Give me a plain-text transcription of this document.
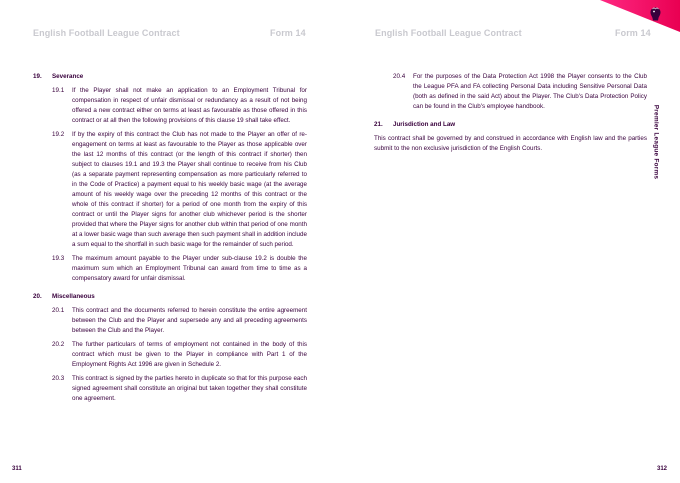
English Football League Contract	Form 14	English Football League Contract	Form 14
Premier League Forms
19.	Severance
19.1	If the Player shall not make an application to an Employment Tribunal for compensation in respect of unfair dismissal or redundancy as a result of not being offered a new contract either on terms at least as favourable as those offered in this contract or at all then the following provisions of this clause 19 shall take effect.
19.2	If by the expiry of this contract the Club has not made to the Player an offer of re-engagement on terms at least as favourable to the Player as those applicable over the last 12 months of this contract (or the length of this contract if shorter) then subject to clauses 19.1 and 19.3 the Player shall continue to receive from his Club (as a separate payment representing compensation as more particularly referred to in the Code of Practice) a payment equal to his weekly basic wage (at the average amount of his weekly wage over the preceding 12 months of this contract or the whole of this contract if shorter) for a period of one month from the expiry of this contract or until the Player signs for another club whichever period is the shorter provided that where the Player signs for another club within that period of one month at a lower basic wage than such average then such payment shall in addition include a sum equal to the shortfall in such basic wage for the remainder of such period.
19.3	The maximum amount payable to the Player under sub-clause 19.2 is double the maximum sum which an Employment Tribunal can award from time to time as a compensatory award for unfair dismissal.
20.	Miscellaneous
20.1	This contract and the documents referred to herein constitute the entire agreement between the Club and the Player and supersede any and all preceding agreements between the Club and the Player.
20.2	The further particulars of terms of employment not contained in the body of this contract which must be given to the Player in compliance with Part 1 of the Employment Rights Act 1996 are given in Schedule 2.
20.3	This contract is signed by the parties hereto in duplicate so that for this purpose each signed agreement shall constitute an original but taken together they shall constitute one agreement.
20.4	For the purposes of the Data Protection Act 1998 the Player consents to the Club the League PFA and FA collecting Personal Data including Sensitive Personal Data (both as defined in the said Act) about the Player. The Club's Data Protection Policy can be found in the Club's employee handbook.
21.	Jurisdiction and Law
This contract shall be governed by and construed in accordance with English law and the parties submit to the non exclusive jurisdiction of the English Courts.
311	312
